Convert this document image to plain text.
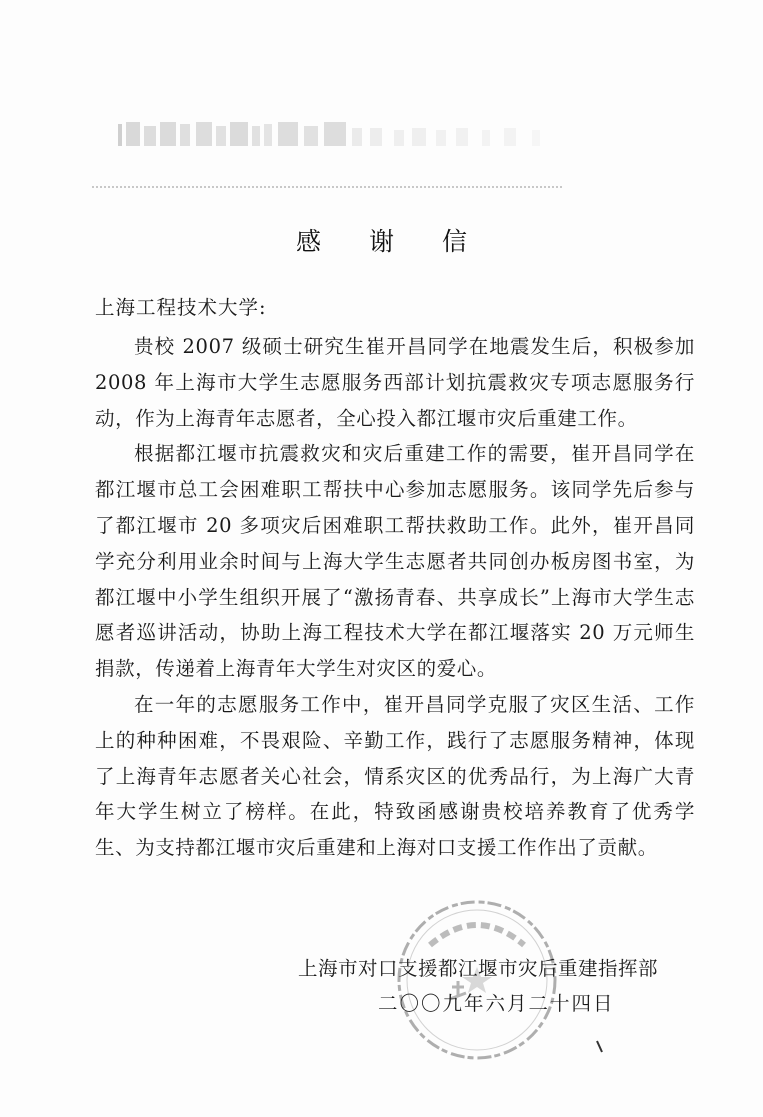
感 谢 信
上海工程技术大学:

贵校 2007 级硕士研究生崔开昌同学在地震发生后，积极参加 2008 年上海市大学生志愿服务西部计划抗震救灾专项志愿服务行动，作为上海青年志愿者，全心投入都江堰市灾后重建工作。

根据都江堰市抗震救灾和灾后重建工作的需要，崔开昌同学在都江堰市总工会困难职工帮扶中心参加志愿服务。该同学先后参与了都江堰市 20 多项灾后困难职工帮扶救助工作。此外，崔开昌同学充分利用业余时间与上海大学生志愿者共同创办板房图书室，为都江堰中小学生组织开展了“激扬青春、共享成长”上海市大学生志愿者巡讲活动，协助上海工程技术大学在都江堰落实 20 万元师生捐款，传递着上海青年大学生对灾区的爱心。

在一年的志愿服务工作中，崔开昌同学克服了灾区生活、工作上的种种困难，不畏艰险、辛勤工作，践行了志愿服务精神，体现了上海青年志愿者关心社会，情系灾区的优秀品行，为上海广大青年大学生树立了榜样。在此，特致函感谢贵校培养教育了优秀学生、为支持都江堰市灾后重建和上海对口支援工作作出了贡献。

上海市对口支援都江堰市灾后重建指挥部
二〇〇九年六月二十四日
